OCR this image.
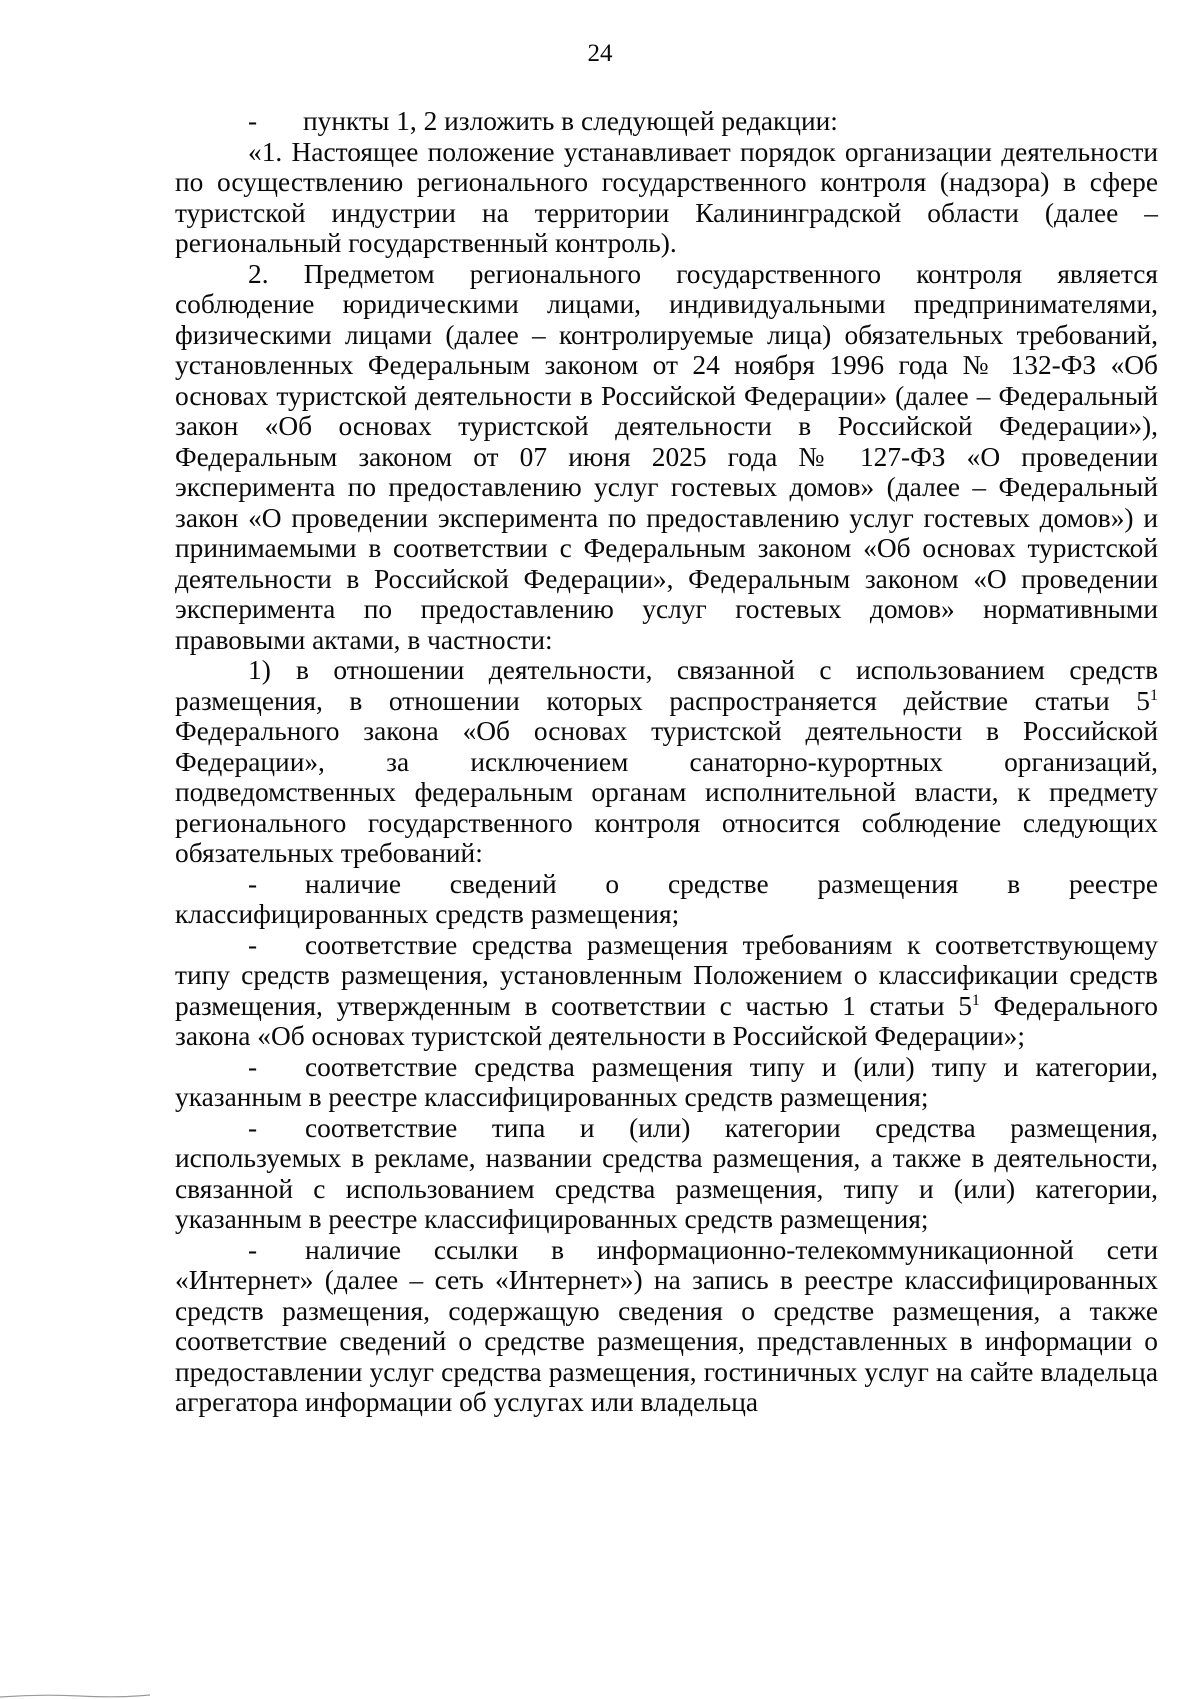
24

- пункты 1, 2 изложить в следующей редакции:

«1. Настоящее положение устанавливает порядок организации деятельности по осуществлению регионального государственного контроля (надзора) в сфере туристской индустрии на территории Калининградской области (далее – региональный государственный контроль).

2. Предметом регионального государственного контроля является соблюдение юридическими лицами, индивидуальными предпринимателями, физическими лицами (далее – контролируемые лица) обязательных требований, установленных Федеральным законом от 24 ноября 1996 года № 132-ФЗ «Об основах туристской деятельности в Российской Федерации» (далее – Федеральный закон «Об основах туристской деятельности в Российской Федерации»), Федеральным законом от 07 июня 2025 года № 127-ФЗ «О проведении эксперимента по предоставлению услуг гостевых домов» (далее – Федеральный закон «О проведении эксперимента по предоставлению услуг гостевых домов») и принимаемыми в соответствии с Федеральным законом «Об основах туристской деятельности в Российской Федерации», Федеральным законом «О проведении эксперимента по предоставлению услуг гостевых домов» нормативными правовыми актами, в частности:

1) в отношении деятельности, связанной с использованием средств размещения, в отношении которых распространяется действие статьи $5^1$ Федерального закона «Об основах туристской деятельности в Российской Федерации», за исключением санаторно-курортных организаций, подведомственных федеральным органам исполнительной власти, к предмету регионального государственного контроля относится соблюдение следующих обязательных требований:

- наличие сведений о средстве размещения в реестре классифицированных средств размещения;

- соответствие средства размещения требованиям к соответствующему типу средств размещения, установленным Положением о классификации средств размещения, утвержденным в соответствии с частью 1 статьи $5^1$ Федерального закона «Об основах туристской деятельности в Российской Федерации»;

- соответствие средства размещения типу и (или) типу и категории, указанным в реестре классифицированных средств размещения;

- соответствие типа и (или) категории средства размещения, используемых в рекламе, названии средства размещения, а также в деятельности, связанной с использованием средства размещения, типу и (или) категории, указанным в реестре классифицированных средств размещения;

- наличие ссылки в информационно-телекоммуникационной сети «Интернет» (далее – сеть «Интернет») на запись в реестре классифицированных средств размещения, содержащую сведения о средстве размещения, а также соответствие сведений о средстве размещения, представленных в информации о предоставлении услуг средства размещения, гостиничных услуг на сайте владельца агрегатора информации об услугах или владельца
